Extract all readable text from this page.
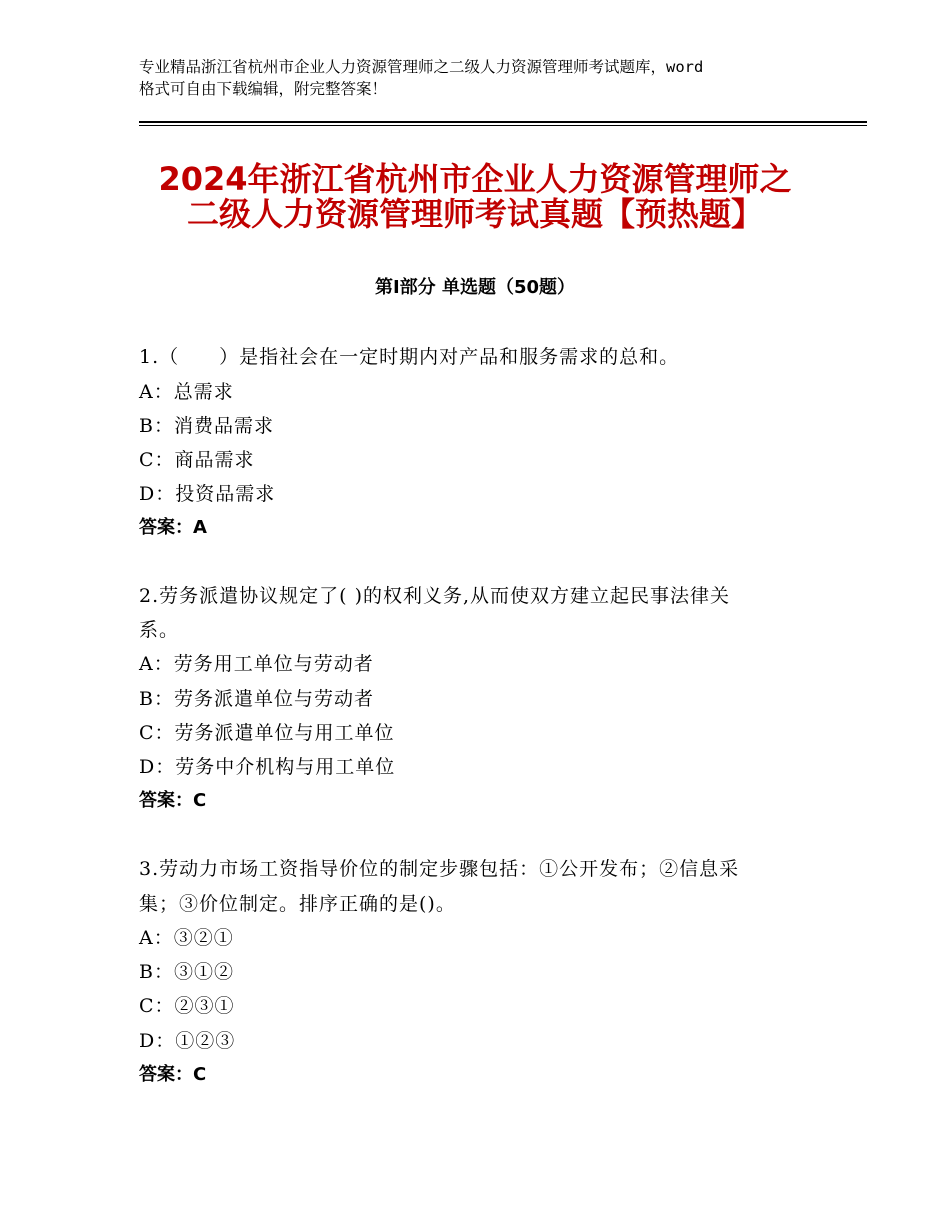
专业精品浙江省杭州市企业人力资源管理师之二级人力资源管理师考试题库，word
格式可自由下载编辑，附完整答案！
2024年浙江省杭州市企业人力资源管理师之
二级人力资源管理师考试真题【预热题】
第Ⅰ部分 单选题（50题）
1.（　　）是指社会在一定时期内对产品和服务需求的总和。
A：总需求
B：消费品需求
C：商品需求
D：投资品需求
答案：A
2.劳务派遣协议规定了( )的权利义务,从而使双方建立起民事法律关
系。
A：劳务用工单位与劳动者
B：劳务派遣单位与劳动者
C：劳务派遣单位与用工单位
D：劳务中介机构与用工单位
答案：C
3.劳动力市场工资指导价位的制定步骤包括：①公开发布；②信息采
集；③价位制定。排序正确的是()。
A：③②①
B：③①②
C：②③①
D：①②③
答案：C
